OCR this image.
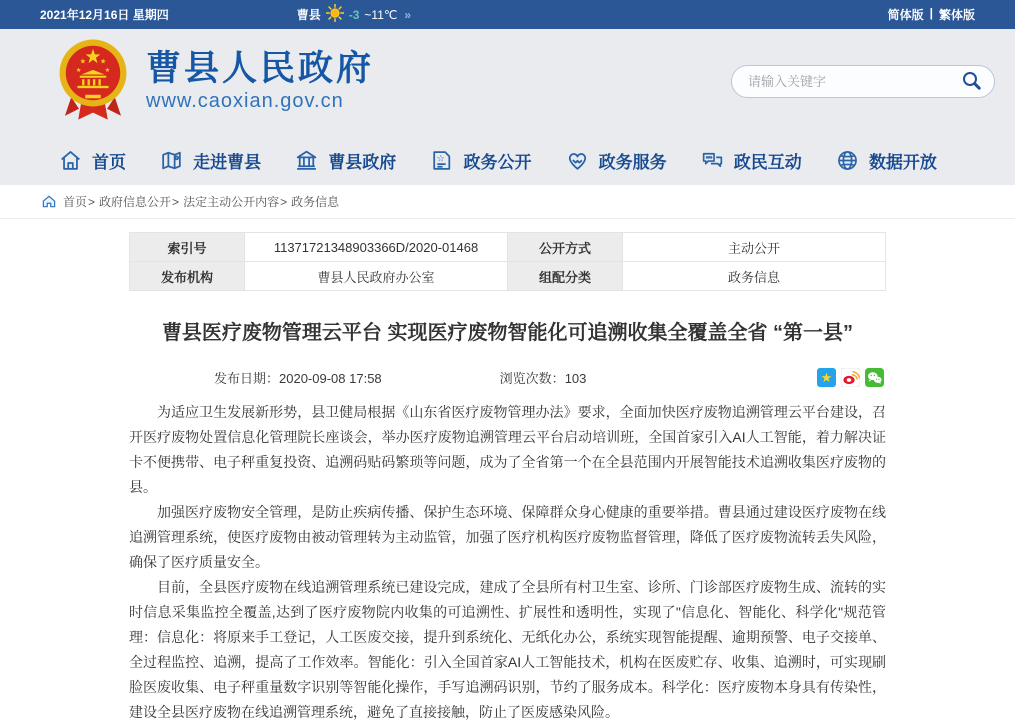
2021年12月16日 星期四	曹县 -3 ~11℃ »	简体版 | 繁体版
★ ★
★	★ 曹县人民政府
www.caoxian.gov.cn
请输入关键字
首页	走进曹县	曹县政府	☆ 政务公开	政务服务	政民互动	数据开放
首页 > 政府信息公开 > 法定主动公开内容 > 政务信息
索引号	11371721348903366D/2020-01468	公开方式	主动公开
发布机构	曹县人民政府办公室	组配分类	政务信息
曹县医疗废物管理云平台 实现医疗废物智能化可追溯收集全覆盖全省 “第一县”
发布日期：2020-09-08 17:58	浏览次数：103	★

为适应卫生发展新形势，县卫健局根据《山东省医疗废物管理办法》要求，全面加快医疗废物追溯管理云平台建设，召开医疗废物处置信息化管理院长座谈会，举办医疗废物追溯管理云平台启动培训班，全国首家引入AI人工智能，着力解决证卡不便携带、电子秤重复投资、追溯码贴码繁琐等问题，成为了全省第一个在全县范围内开展智能技术追溯收集医疗废物的县。

加强医疗废物安全管理，是防止疾病传播、保护生态环境、保障群众身心健康的重要举措。曹县通过建设医疗废物在线追溯管理系统，使医疗废物由被动管理转为主动监管，加强了医疗机构医疗废物监督管理，降低了医疗废物流转丢失风险，确保了医疗质量安全。

目前，全县医疗废物在线追溯管理系统已建设完成，建成了全县所有村卫生室、诊所、门诊部医疗废物生成、流转的实时信息采集监控全覆盖,达到了医疗废物院内收集的可追溯性、扩展性和透明性，实现了"信息化、智能化、科学化"规范管理：信息化：将原来手工登记，人工医废交接，提升到系统化、无纸化办公，系统实现智能提醒、逾期预警、电子交接单、全过程监控、追溯，提高了工作效率。智能化：引入全国首家AI人工智能技术，机构在医废贮存、收集、追溯时，可实现刷脸医废收集、电子秤重量数字识别等智能化操作，手写追溯码识别，节约了服务成本。科学化：医疗废物本身具有传染性，建设全县医疗废物在线追溯管理系统，避免了直接接触，防止了医废感染风险。
